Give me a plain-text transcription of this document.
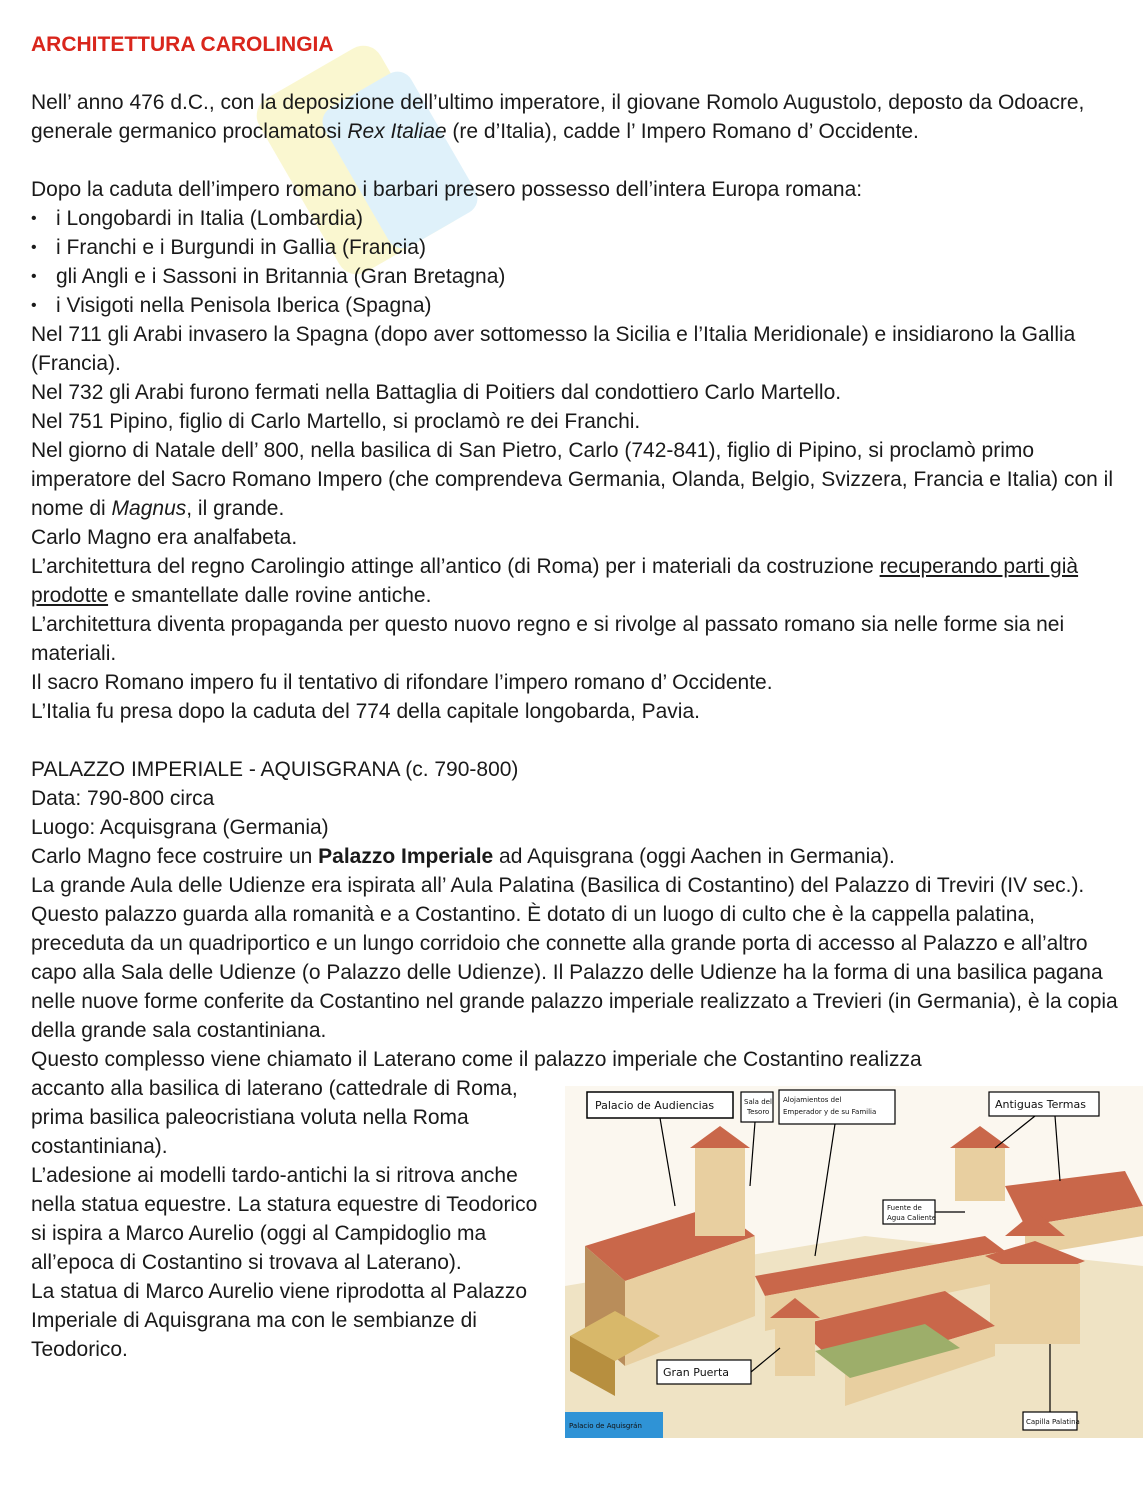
ARCHITETTURA CAROLINGIA

Nell’ anno 476 d.C., con la deposizione dell’ultimo imperatore, il giovane Romolo Augustolo, deposto da Odoacre, generale germanico proclamatosi Rex Italiae (re d’Italia), cadde l’ Impero Romano d’ Occidente.

Dopo la caduta dell’impero romano i barbari presero possesso dell’intera Europa romana:

• i Longobardi in Italia (Lombardia)
• i Franchi e i Burgundi in Gallia (Francia)
• gli Angli e i Sassoni in Britannia (Gran Bretagna)
• i Visigoti nella Penisola Iberica (Spagna)

Nel 711 gli Arabi invasero la Spagna (dopo aver sottomesso la Sicilia e l’Italia Meridionale) e insidiarono la Gallia (Francia).

Nel 732 gli Arabi furono fermati nella Battaglia di Poitiers dal condottiero Carlo Martello.

Nel 751 Pipino, figlio di Carlo Martello, si proclamò re dei Franchi.

Nel giorno di Natale dell’ 800, nella basilica di San Pietro, Carlo (742-841), figlio di Pipino, si proclamò primo imperatore del Sacro Romano Impero (che comprendeva Germania, Olanda, Belgio, Svizzera, Francia e Italia) con il nome di Magnus, il grande.

Carlo Magno era analfabeta.

L’architettura del regno Carolingio attinge all’antico (di Roma) per i materiali da costruzione recuperando parti già prodotte e smantellate dalle rovine antiche.

L’architettura diventa propaganda per questo nuovo regno e si rivolge al passato romano sia nelle forme sia nei materiali.

Il sacro Romano impero fu il tentativo di rifondare l’impero romano d’ Occidente.

L’Italia fu presa dopo la caduta del 774 della capitale longobarda, Pavia.

PALAZZO IMPERIALE - AQUISGRANA (c. 790-800)

Data: 790-800 circa

Luogo: Acquisgrana (Germania)

Carlo Magno fece costruire un Palazzo Imperiale ad Aquisgrana (oggi Aachen in Germania).

La grande Aula delle Udienze era ispirata all’ Aula Palatina (Basilica di Costantino) del Palazzo di Treviri (IV sec.).

Questo palazzo guarda alla romanità e a Costantino. È dotato di un luogo di culto che è la cappella palatina, preceduta da un quadriportico e un lungo corridoio che connette alla grande porta di accesso al Palazzo e all’altro capo alla Sala delle Udienze (o Palazzo delle Udienze). Il Palazzo delle Udienze ha la forma di una basilica pagana nelle nuove forme conferite da Costantino nel grande palazzo imperiale realizzato a Trevieri (in Germania), è la copia della grande sala costantiniana.

Questo complesso viene chiamato il Laterano come il palazzo imperiale che Costantino realizza

Palacio de Audiencias	Sala del
Tesoro
Alojamientos del
Emperador y de su Familia
Antiguas Termas
Fuente de
Agua Caliente
Gran Puerta
Capilla Palatina
Palacio de Aquisgrán

accanto alla basilica di laterano (cattedrale di Roma, prima basilica paleocristiana voluta nella Roma costantiniana).

L’adesione ai modelli tardo-antichi la si ritrova anche nella statua equestre. La statura equestre di Teodorico si ispira a Marco Aurelio (oggi al Campidoglio ma all’epoca di Costantino si trovava al Laterano).

La statua di Marco Aurelio viene riprodotta al Palazzo Imperiale di Aquisgrana ma con le sembianze di Teodorico.
